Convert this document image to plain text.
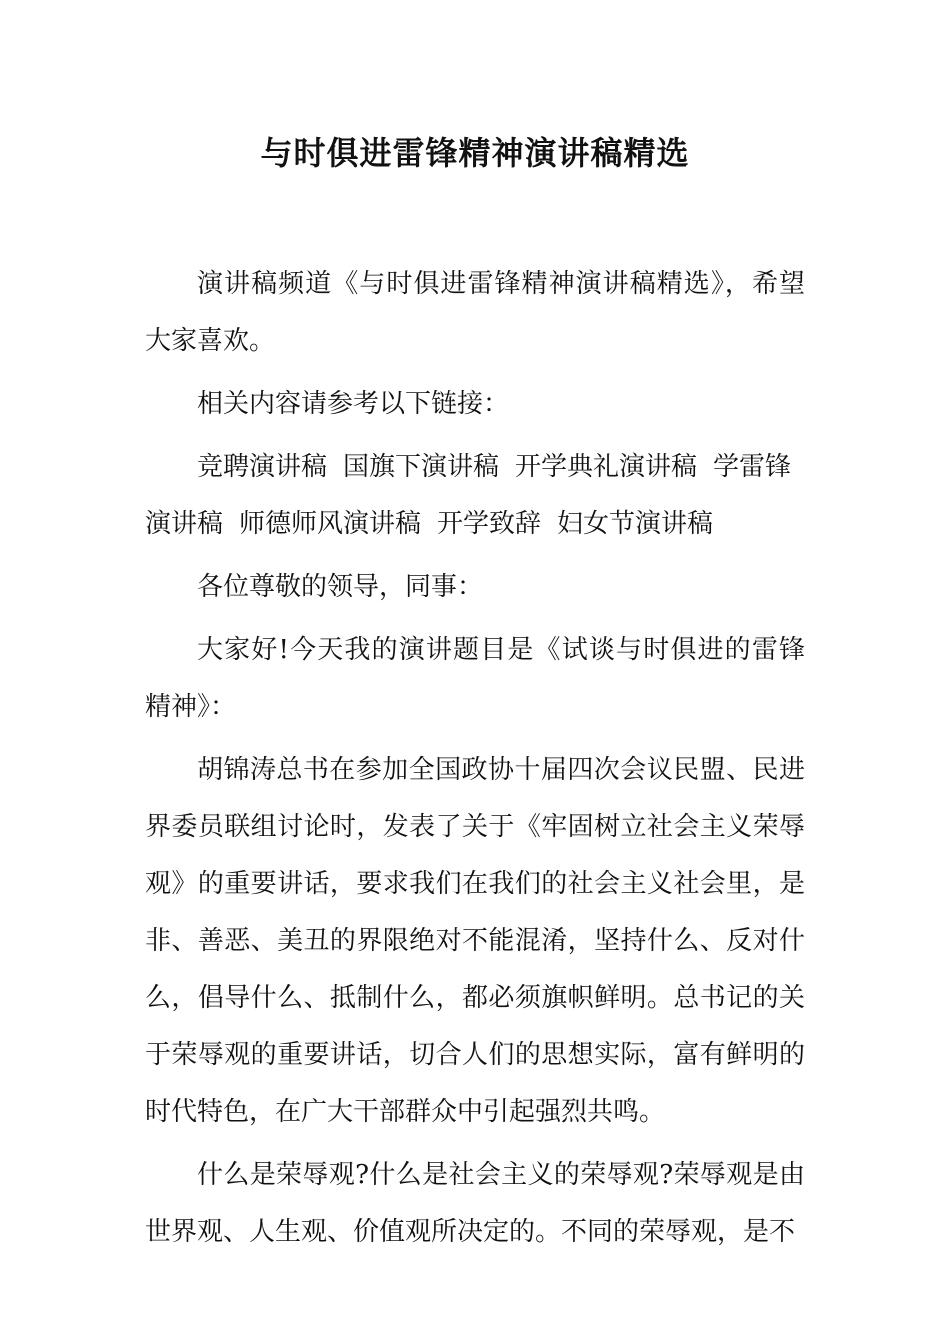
与时俱进雷锋精神演讲稿精选

演讲稿频道《与时俱进雷锋精神演讲稿精选》，希望大家喜欢。

相关内容请参考以下链接：

竞聘演讲稿 国旗下演讲稿 开学典礼演讲稿 学雷锋演讲稿 师德师风演讲稿 开学致辞 妇女节演讲稿

各位尊敬的领导，同事：

大家好!今天我的演讲题目是《试谈与时俱进的雷锋精神》：

胡锦涛总书在参加全国政协十届四次会议民盟、民进界委员联组讨论时，发表了关于《牢固树立社会主义荣辱观》的重要讲话，要求我们在我们的社会主义社会里，是非、善恶、美丑的界限绝对不能混淆，坚持什么、反对什么，倡导什么、抵制什么，都必须旗帜鲜明。总书记的关于荣辱观的重要讲话，切合人们的思想实际，富有鲜明的时代特色，在广大干部群众中引起强烈共鸣。

什么是荣辱观?什么是社会主义的荣辱观?荣辱观是由世界观、人生观、价值观所决定的。不同的荣辱观，是不
